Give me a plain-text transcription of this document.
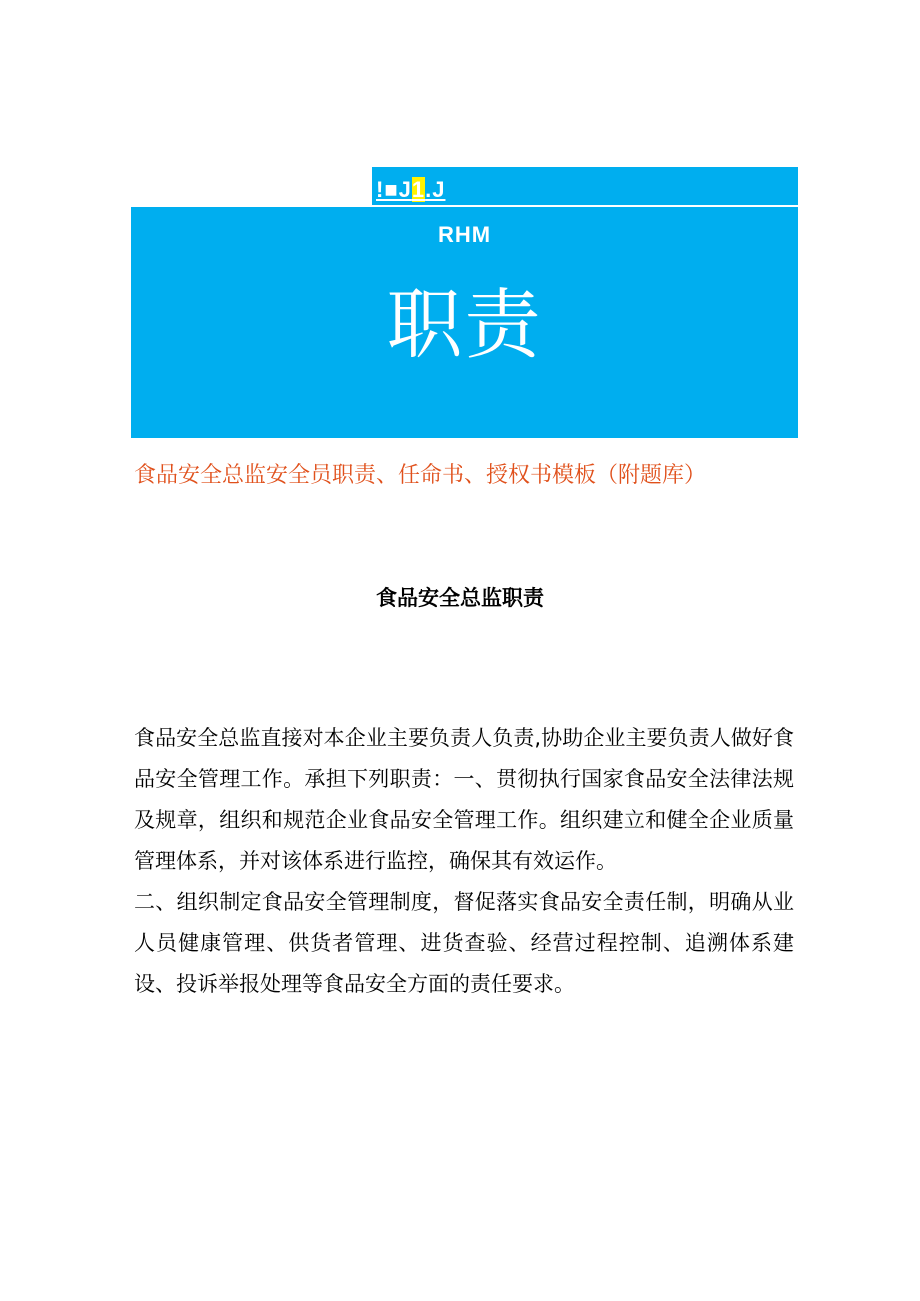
!■J1.J
RHM
职责
食品安全总监安全员职责、任命书、授权书模板（附题库）
食品安全总监职责

食品安全总监直接对本企业主要负责人负责,协助企业主要负责人做好食品安全管理工作。承担下列职责：一、贯彻执行国家食品安全法律法规及规章，组织和规范企业食品安全管理工作。组织建立和健全企业质量管理体系，并对该体系进行监控，确保其有效运作。

二、组织制定食品安全管理制度，督促落实食品安全责任制，明确从业人员健康管理、供货者管理、进货查验、经营过程控制、追溯体系建设、投诉举报处理等食品安全方面的责任要求。
